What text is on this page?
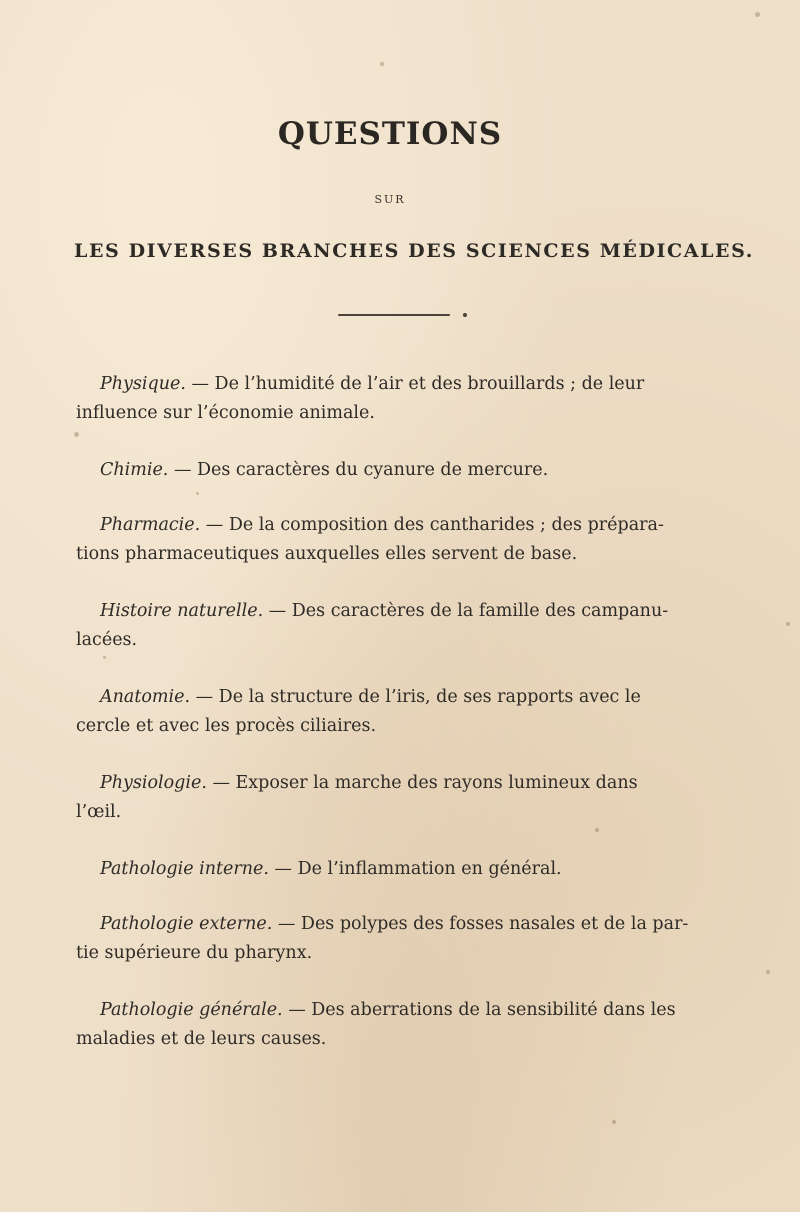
QUESTIONS
SUR
LES DIVERSES BRANCHES DES SCIENCES MÉDICALES.
Physique. — De l’humidité de l’air et des brouillards ; de leur
influence sur l’économie animale.
Chimie. — Des caractères du cyanure de mercure.
Pharmacie. — De la composition des cantharides ; des prépara-
tions pharmaceutiques auxquelles elles servent de base.
Histoire naturelle. — Des caractères de la famille des campanu-
lacées.
Anatomie. — De la structure de l’iris, de ses rapports avec le
cercle et avec les procès ciliaires.
Physiologie. — Exposer la marche des rayons lumineux dans
l’œil.
Pathologie interne. — De l’inflammation en général.
Pathologie externe. — Des polypes des fosses nasales et de la par-
tie supérieure du pharynx.
Pathologie générale. — Des aberrations de la sensibilité dans les
maladies et de leurs causes.
